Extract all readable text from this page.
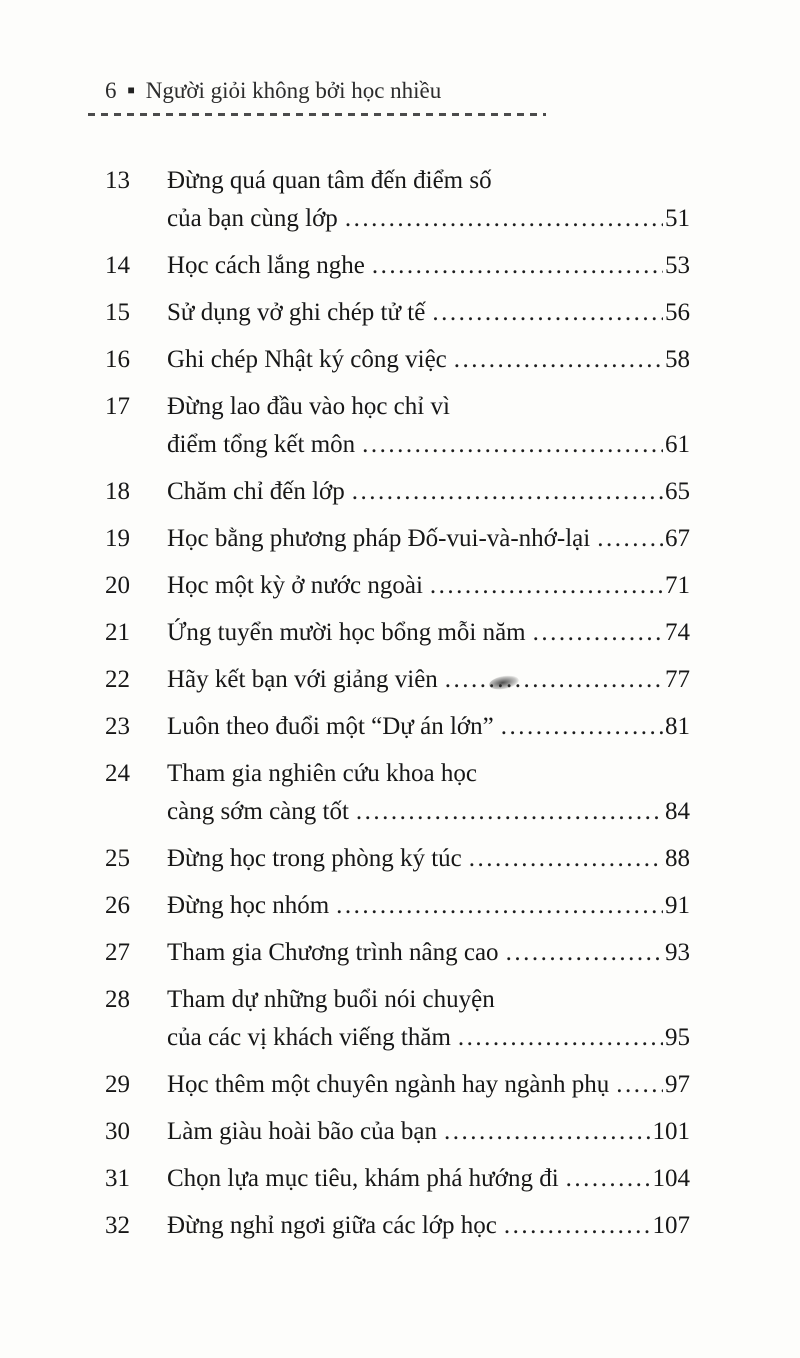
6 ■ Người giỏi không bởi học nhiều
13	Đừng quá quan tâm đến điểm số
của bạn cùng lớp .....	51
14	Học cách lắng nghe .....	53
15	Sử dụng vở ghi chép tử tế .....	56
16	Ghi chép Nhật ký công việc .....	58
17	Đừng lao đầu vào học chỉ vì
điểm tổng kết môn .....	61
18	Chăm chỉ đến lớp .....	65
19	Học bằng phương pháp Đố-vui-và-nhớ-lại .....	67
20	Học một kỳ ở nước ngoài .....	71
21	Ứng tuyển mười học bổng mỗi năm .....	74
22	Hãy kết bạn với giảng viên .....	77
23	Luôn theo đuổi một “Dự án lớn” .....	81
24	Tham gia nghiên cứu khoa học
càng sớm càng tốt .....	84
25	Đừng học trong phòng ký túc .....	88
26	Đừng học nhóm .....	91
27	Tham gia Chương trình nâng cao .....	93
28	Tham dự những buổi nói chuyện
của các vị khách viếng thăm .....	95
29	Học thêm một chuyên ngành hay ngành phụ ..... 97
30	Làm giàu hoài bão của bạn .....	101
31	Chọn lựa mục tiêu, khám phá hướng đi .....	104
32	Đừng nghỉ ngơi giữa các lớp học .....	107
